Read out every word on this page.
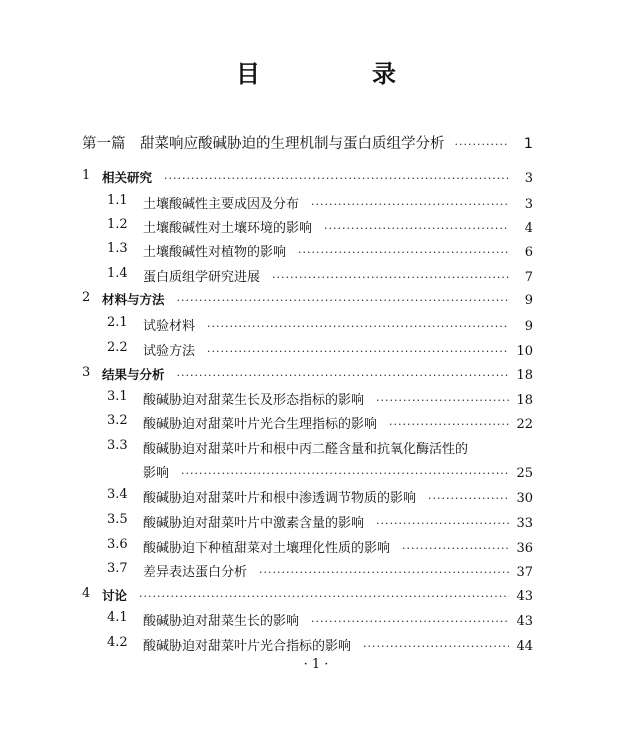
目　录
第一篇　甜菜响应酸碱胁迫的生理机制与蛋白质组学分析 ·····	1
1 相关研究 ·····	3
1.1 土壤酸碱性主要成因及分布 ·····	3
1.2 土壤酸碱性对土壤环境的影响 ·····	4
1.3 土壤酸碱性对植物的影响 ·····	6
1.4 蛋白质组学研究进展 ·····	7
2 材料与方法 ·····	9
2.1 试验材料 ·····	9
2.2 试验方法 ·····	10
3 结果与分析 ·····	18
3.1 酸碱胁迫对甜菜生长及形态指标的影响 ·····	18
3.2 酸碱胁迫对甜菜叶片光合生理指标的影响 ·····	22
3.3 酸碱胁迫对甜菜叶片和根中丙二醛含量和抗氧化酶活性的
影响 ·····	25
3.4 酸碱胁迫对甜菜叶片和根中渗透调节物质的影响 ·····	30
3.5 酸碱胁迫对甜菜叶片中激素含量的影响 ·····	33
3.6 酸碱胁迫下种植甜菜对土壤理化性质的影响 ·····	36
3.7 差异表达蛋白分析 ·····	37
4 讨论 ·····	43
4.1 酸碱胁迫对甜菜生长的影响 ·····	43
4.2 酸碱胁迫对甜菜叶片光合指标的影响 ·····	44
· 1 ·
